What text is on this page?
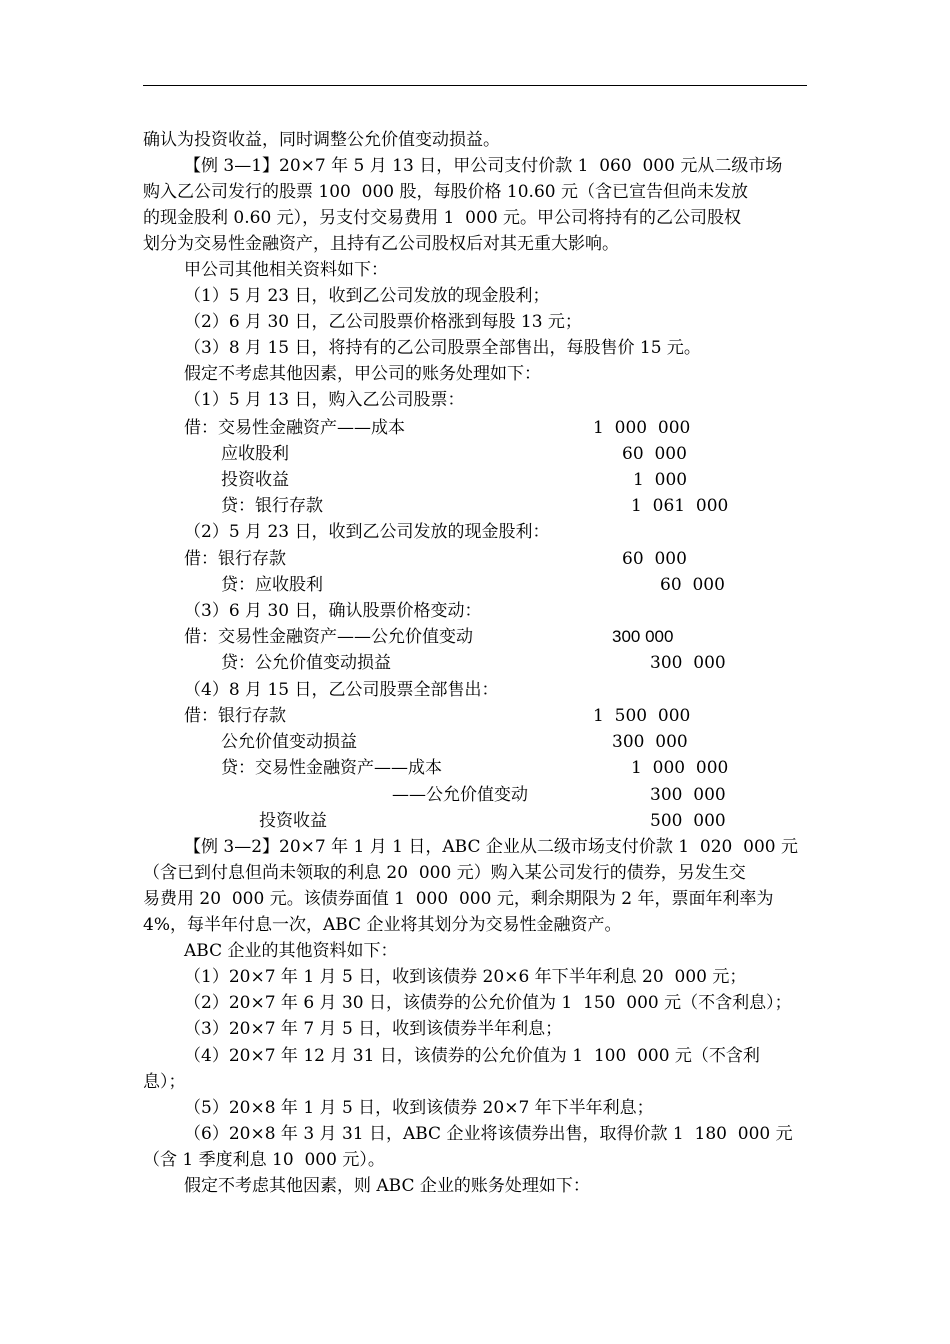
确认为投资收益，同时调整公允价值变动损益。
【例 3—1】20×7 年 5 月 13 日，甲公司支付价款 1  060  000 元从二级市场
购入乙公司发行的股票 100  000 股，每股价格 10.60 元（含已宣告但尚未发放
的现金股利 0.60 元），另支付交易费用 1  000 元。甲公司将持有的乙公司股权
划分为交易性金融资产，且持有乙公司股权后对其无重大影响。
甲公司其他相关资料如下：
（1）5 月 23 日，收到乙公司发放的现金股利；
（2）6 月 30 日，乙公司股票价格涨到每股 13 元；
（3）8 月 15 日，将持有的乙公司股票全部售出，每股售价 15 元。
假定不考虑其他因素，甲公司的账务处理如下：
（1）5 月 13 日，购入乙公司股票：
借：交易性金融资产——成本	1  000  000
应收股利	60  000
投资收益	1  000
贷：银行存款	1  061  000
（2）5 月 23 日，收到乙公司发放的现金股利：
借：银行存款	60  000
贷：应收股利	60  000
（3）6 月 30 日，确认股票价格变动：
借：交易性金融资产——公允价值变动	300 000
贷：公允价值变动损益	300  000
（4）8 月 15 日，乙公司股票全部售出：
借：银行存款	1  500  000
公允价值变动损益	300  000
贷：交易性金融资产——成本	1  000  000
——公允价值变动	300  000
投资收益	500  000
【例 3—2】20×7 年 1 月 1 日，ABC 企业从二级市场支付价款 1  020  000 元
（含已到付息但尚未领取的利息 20  000 元）购入某公司发行的债券，另发生交
易费用 20  000 元。该债券面值 1  000  000 元，剩余期限为 2 年，票面年利率为
4%，每半年付息一次，ABC 企业将其划分为交易性金融资产。
ABC 企业的其他资料如下：
（1）20×7 年 1 月 5 日，收到该债券 20×6 年下半年利息 20  000 元；
（2）20×7 年 6 月 30 日，该债券的公允价值为 1  150  000 元（不含利息）；
（3）20×7 年 7 月 5 日，收到该债券半年利息；
（4）20×7 年 12 月 31 日，该债券的公允价值为 1  100  000 元（不含利
息）；
（5）20×8 年 1 月 5 日，收到该债券 20×7 年下半年利息；
（6）20×8 年 3 月 31 日，ABC 企业将该债券出售，取得价款 1  180  000 元
（含 1 季度利息 10  000 元）。
假定不考虑其他因素，则 ABC 企业的账务处理如下：
